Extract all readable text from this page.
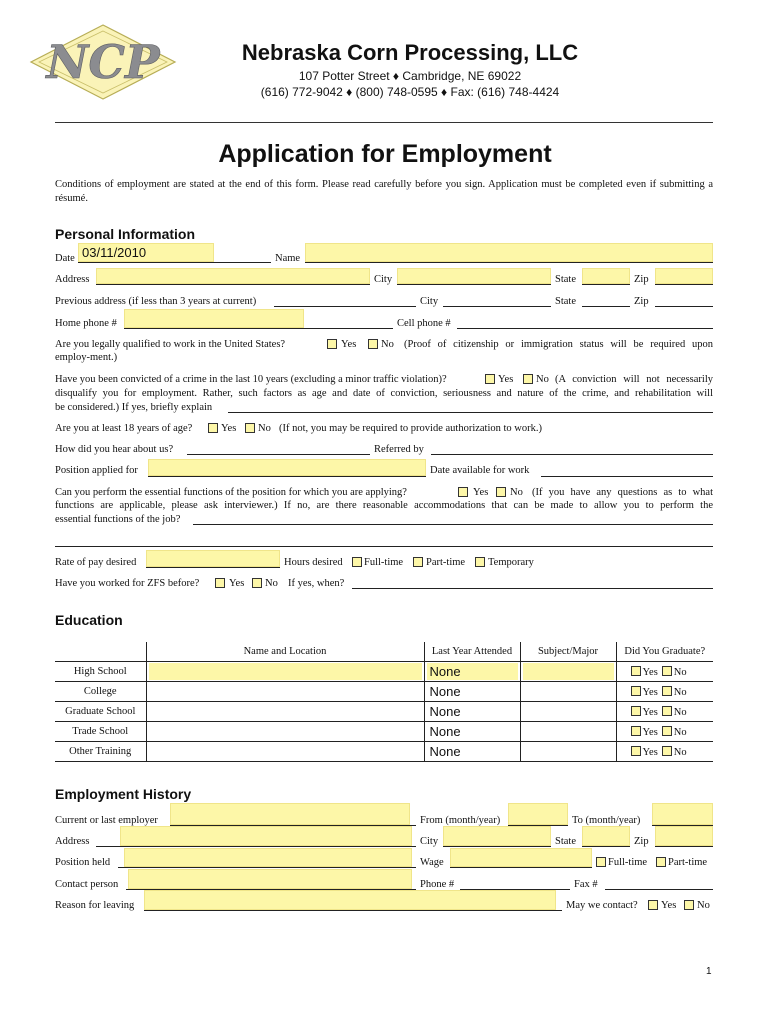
NCP	Nebraska Corn Processing, LLC
107 Potter Street ♦ Cambridge, NE 69022
(616) 772-9042 ♦ (800) 748-0595 ♦ Fax: (616) 748-4424
Application for Employment

Conditions of employment are stated at the end of this form. Please read carefully before you sign. Application must be completed even if submitting a résumé.

Personal Information
Date 03/11/2010	Name
Address	City	State	Zip
Previous address (if less than 3 years at current)	City	State	Zip
Home phone #	Cell phone #
Are you legally qualified to work in the United States?	Yes No (Proof of citizenship or immigration status will be required upon
employ-ment.)
Have you been convicted of a crime in the last 10 years (excluding a minor traffic violation)?	Yes No (A conviction will not necessarily
disqualify you for employment. Rather, such factors as age and date of conviction, seriousness and nature of the crime, and rehabilitation will
be considered.) If yes, briefly explain
Are you at least 18 years of age?	Yes No (If not, you may be required to provide authorization to work.)
How did you hear about us?	Referred by
Position applied for	Date available for work
Can you perform the essential functions of the position for which you are applying?	Yes No (If you have any questions as to what
functions are applicable, please ask interviewer.) If no, are there reasonable accommodations that can be made to allow you to perform the
essential functions of the job?
Rate of pay desired	Hours desired Full-time Part-time Temporary
Have you worked for ZFS before?	Yes No If yes, when?
Education
	Name and Location	Last Year Attended	Subject/Major	Did You Graduate?
High School		None		Yes No
College		None		Yes No
Graduate School		None		Yes No
Trade School		None		Yes No
Other Training		None		Yes No
Employment History
Current or last employer	From (month/year)	To (month/year)
Address	City	State	Zip
Position held	Wage	Full-time Part-time
Contact person	Phone #	Fax #
Reason for leaving	May we contact? Yes No
1
